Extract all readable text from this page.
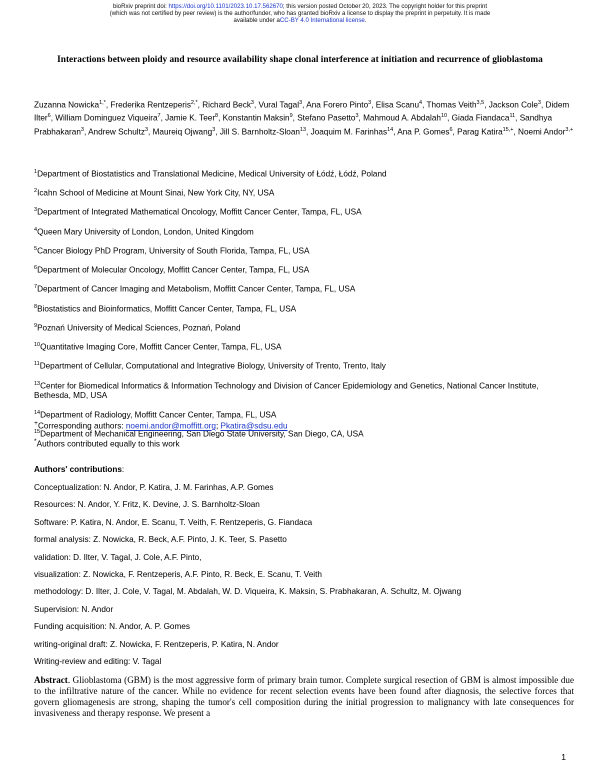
bioRxiv preprint doi: https://doi.org/10.1101/2023.10.17.562670; this version posted October 20, 2023. The copyright holder for this preprint
(which was not certified by peer review) is the author/funder, who has granted bioRxiv a license to display the preprint in perpetuity. It is made
available under aCC-BY 4.0 International license.
Interactions between ploidy and resource availability shape clonal interference at initiation and recurrence of glioblastoma
Zuzanna Nowicka$^{1,*}$, Frederika Rentzeperis$^{2,*}$, Richard Beck$^3$, Vural Tagal$^3$, Ana Forero Pinto$^3$, Elisa Scanu$^4$, Thomas Veith$^{3,5}$, Jackson Cole$^3$, Didem Ilter$^6$, William Dominguez Viqueira$^7$, Jamie K. Teer$^8$, Konstantin Maksin$^9$, Stefano Pasetto$^3$, Mahmoud A. Abdalah$^{10}$, Giada Fiandaca$^{11}$, Sandhya Prabhakaran$^3$, Andrew Schultz$^3$, Maureiq Ojwang$^3$, Jill S. Barnholtz-Sloan$^{13}$, Joaquim M. Farinhas$^{14}$, Ana P. Gomes$^6$, Parag Katira$^{15,+}$, Noemi Andor$^{3,+}$
$^1$Department of Biostatistics and Translational Medicine, Medical University of Łódź, Łódź, Poland
$^2$Icahn School of Medicine at Mount Sinai, New York City, NY, USA
$^3$Department of Integrated Mathematical Oncology, Moffitt Cancer Center, Tampa, FL, USA
$^4$Queen Mary University of London, London, United Kingdom
$^5$Cancer Biology PhD Program, University of South Florida, Tampa, FL, USA
$^6$Department of Molecular Oncology, Moffitt Cancer Center, Tampa, FL, USA
$^7$Department of Cancer Imaging and Metabolism, Moffitt Cancer Center, Tampa, FL, USA
$^8$Biostatistics and Bioinformatics, Moffitt Cancer Center, Tampa, FL, USA
$^9$Poznań University of Medical Sciences, Poznań, Poland
$^{10}$Quantitative Imaging Core, Moffitt Cancer Center, Tampa, FL, USA
$^{11}$Department of Cellular, Computational and Integrative Biology, University of Trento, Trento, Italy
$^{13}$Center for Biomedical Informatics & Information Technology and Division of Cancer Epidemiology and Genetics, National Cancer Institute, Bethesda, MD, USA
$^{14}$Department of Radiology, Moffitt Cancer Center, Tampa, FL, USA
$^{15}$Department of Mechanical Engineering, San Diego State University, San Diego, CA, USA
+Corresponding authors: noemi.andor@moffitt.org; Pkatira@sdsu.edu
*Authors contributed equally to this work
Authors' contributions:
Conceptualization: N. Andor, P. Katira, J. M. Farinhas, A.P. Gomes
Resources: N. Andor, Y. Fritz, K. Devine, J. S. Barnholtz-Sloan
Software: P. Katira, N. Andor, E. Scanu, T. Veith, F. Rentzeperis, G. Fiandaca
formal analysis: Z. Nowicka, R. Beck, A.F. Pinto, J. K. Teer, S. Pasetto
validation: D. Ilter, V. Tagal, J. Cole, A.F. Pinto,
visualization: Z. Nowicka, F. Rentzeperis, A.F. Pinto, R. Beck, E. Scanu, T. Veith
methodology: D. Ilter, J. Cole, V. Tagal, M. Abdalah, W. D. Viqueira, K. Maksin, S. Prabhakaran, A. Schultz, M. Ojwang
Supervision: N. Andor
Funding acquisition: N. Andor, A. P. Gomes
writing-original draft: Z. Nowicka, F. Rentzeperis, P. Katira, N. Andor
Writing-review and editing: V. Tagal
Abstract. Glioblastoma (GBM) is the most aggressive form of primary brain tumor. Complete surgical resection of GBM is almost impossible due to the infiltrative nature of the cancer. While no evidence for recent selection events have been found after diagnosis, the selective forces that govern gliomagenesis are strong, shaping the tumor's cell composition during the initial progression to malignancy with late consequences for invasiveness and therapy response. We present a
1
